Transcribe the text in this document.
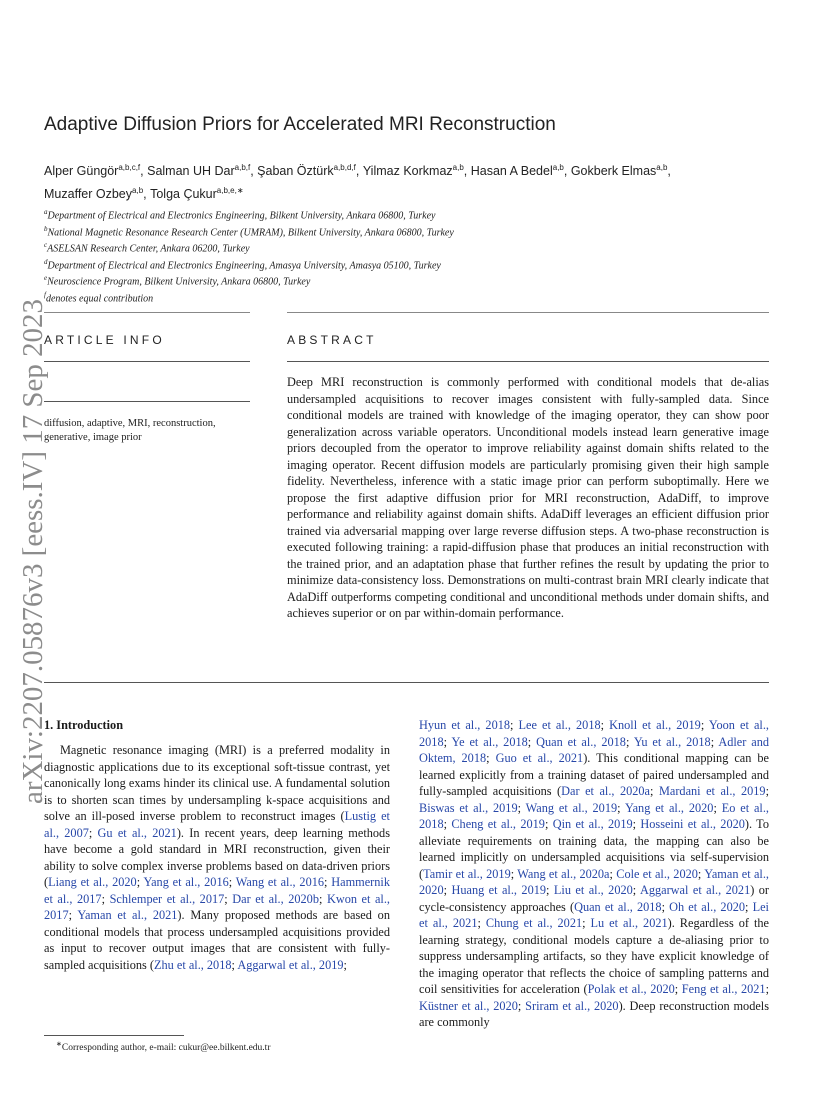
arXiv:2207.05876v3 [eess.IV] 17 Sep 2023
Adaptive Diffusion Priors for Accelerated MRI Reconstruction
Alper Güngör$^{a,b,c,f}$, Salman UH Dar$^{a,b,f}$, Şaban Öztürk$^{a,b,d,f}$, Yilmaz Korkmaz$^{a,b}$, Hasan A Bedel$^{a,b}$, Gokberk Elmas$^{a,b}$, Muzaffer Ozbey$^{a,b}$, Tolga Çukur$^{a,b,e,∗}$
$^a$Department of Electrical and Electronics Engineering, Bilkent University, Ankara 06800, Turkey
$^b$National Magnetic Resonance Research Center (UMRAM), Bilkent University, Ankara 06800, Turkey
$^c$ASELSAN Research Center, Ankara 06200, Turkey
$^d$Department of Electrical and Electronics Engineering, Amasya University, Amasya 05100, Turkey
$^e$Neuroscience Program, Bilkent University, Ankara 06800, Turkey
$^f$denotes equal contribution
ARTICLE INFO	ABSTRACT
diffusion, adaptive, MRI, reconstruction, generative, image prior

Deep MRI reconstruction is commonly performed with conditional models that de-alias undersampled acquisitions to recover images consistent with fully-sampled data. Since conditional models are trained with knowledge of the imaging operator, they can show poor generalization across variable operators. Unconditional models instead learn generative image priors decoupled from the operator to improve reliability against domain shifts related to the imaging operator. Recent diffusion models are particularly promising given their high sample fidelity. Nevertheless, inference with a static image prior can perform suboptimally. Here we propose the first adaptive diffusion prior for MRI reconstruction, AdaDiff, to improve performance and reliability against domain shifts. AdaDiff leverages an efficient diffusion prior trained via adversarial mapping over large reverse diffusion steps. A two-phase reconstruction is executed following training: a rapid-diffusion phase that produces an initial reconstruction with the trained prior, and an adaptation phase that further refines the result by updating the prior to minimize data-consistency loss. Demonstrations on multi-contrast brain MRI clearly indicate that AdaDiff outperforms competing conditional and unconditional methods under domain shifts, and achieves superior or on par within-domain performance.

1. Introduction

Magnetic resonance imaging (MRI) is a preferred modality in diagnostic applications due to its exceptional soft-tissue contrast, yet canonically long exams hinder its clinical use. A fundamental solution is to shorten scan times by undersampling k-space acquisitions and solve an ill-posed inverse problem to reconstruct images (Lustig et al., 2007; Gu et al., 2021). In recent years, deep learning methods have become a gold standard in MRI reconstruction, given their ability to solve complex inverse problems based on data-driven priors (Liang et al., 2020; Yang et al., 2016; Wang et al., 2016; Hammernik et al., 2017; Schlemper et al., 2017; Dar et al., 2020b; Kwon et al., 2017; Yaman et al., 2021). Many proposed methods are based on conditional models that process undersampled acquisitions provided as input to recover output images that are consistent with fully-sampled acquisitions (Zhu et al., 2018; Aggarwal et al., 2019;

Hyun et al., 2018; Lee et al., 2018; Knoll et al., 2019; Yoon et al., 2018; Ye et al., 2018; Quan et al., 2018; Yu et al., 2018; Adler and Oktem, 2018; Guo et al., 2021). This conditional mapping can be learned explicitly from a training dataset of paired undersampled and fully-sampled acquisitions (Dar et al., 2020a; Mardani et al., 2019; Biswas et al., 2019; Wang et al., 2019; Yang et al., 2020; Eo et al., 2018; Cheng et al., 2019; Qin et al., 2019; Hosseini et al., 2020). To alleviate requirements on training data, the mapping can also be learned implicitly on undersampled acquisitions via self-supervision (Tamir et al., 2019; Wang et al., 2020a; Cole et al., 2020; Yaman et al., 2020; Huang et al., 2019; Liu et al., 2020; Aggarwal et al., 2021) or cycle-consistency approaches (Quan et al., 2018; Oh et al., 2020; Lei et al., 2021; Chung et al., 2021; Lu et al., 2021). Regardless of the learning strategy, conditional models capture a de-aliasing prior to suppress undersampling artifacts, so they have explicit knowledge of the imaging operator that reflects the choice of sampling patterns and coil sensitivities for acceleration (Polak et al., 2020; Feng et al., 2021; Küstner et al., 2020; Sriram et al., 2020). Deep reconstruction models are commonly

∗Corresponding author, e-mail: cukur@ee.bilkent.edu.tr
